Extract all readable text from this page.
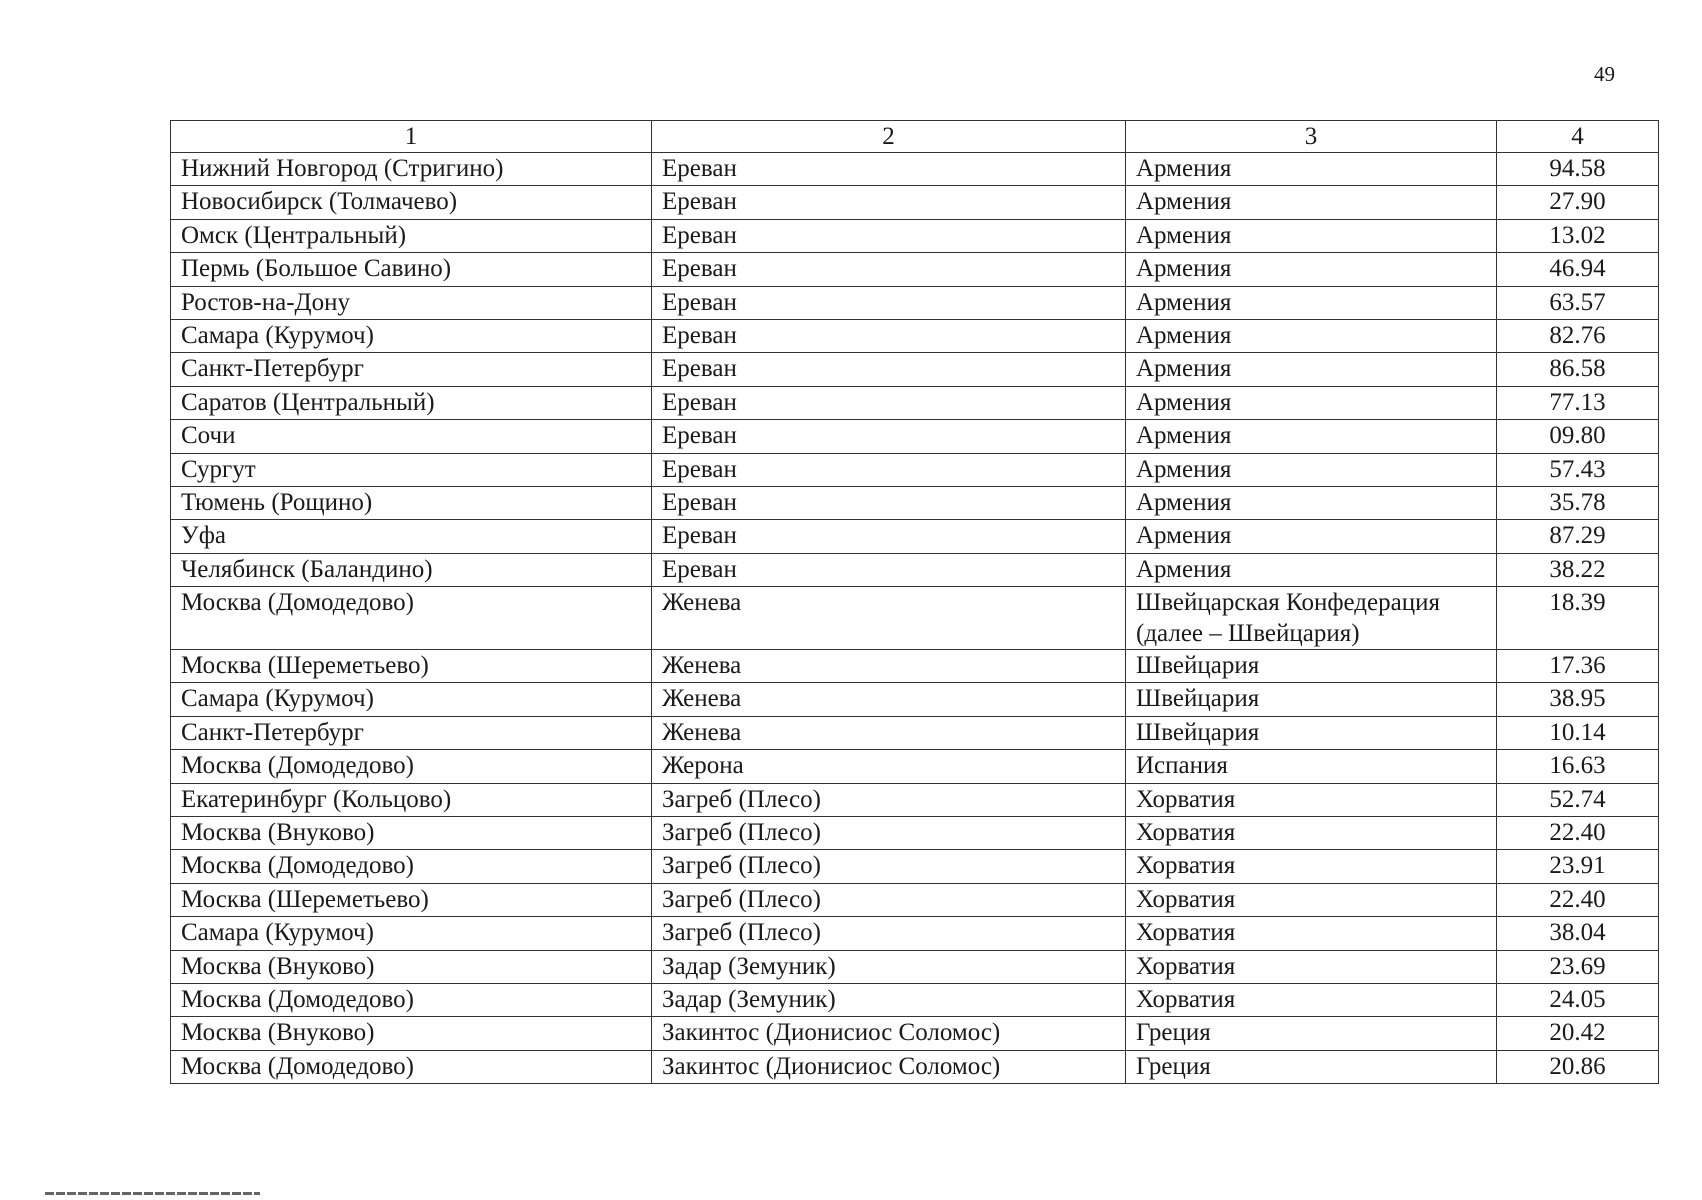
49
1	2	3	4
Нижний Новгород (Стригино)	Ереван	Армения	94.58
Новосибирск (Толмачево)	Ереван	Армения	27.90
Омск (Центральный)	Ереван	Армения	13.02
Пермь (Большое Савино)	Ереван	Армения	46.94
Ростов-на-Дону	Ереван	Армения	63.57
Самара (Курумоч)	Ереван	Армения	82.76
Санкт-Петербург	Ереван	Армения	86.58
Саратов (Центральный)	Ереван	Армения	77.13
Сочи	Ереван	Армения	09.80
Сургут	Ереван	Армения	57.43
Тюмень (Рощино)	Ереван	Армения	35.78
Уфа	Ереван	Армения	87.29
Челябинск (Баландино)	Ереван	Армения	38.22
Москва (Домодедово)	Женева	Швейцарская Конфедерация (далее – Швейцария)	18.39
Москва (Шереметьево)	Женева	Швейцария	17.36
Самара (Курумоч)	Женева	Швейцария	38.95
Санкт-Петербург	Женева	Швейцария	10.14
Москва (Домодедово)	Жерона	Испания	16.63
Екатеринбург (Кольцово)	Загреб (Плесо)	Хорватия	52.74
Москва (Внуково)	Загреб (Плесо)	Хорватия	22.40
Москва (Домодедово)	Загреб (Плесо)	Хорватия	23.91
Москва (Шереметьево)	Загреб (Плесо)	Хорватия	22.40
Самара (Курумоч)	Загреб (Плесо)	Хорватия	38.04
Москва (Внуково)	Задар (Земуник)	Хорватия	23.69
Москва (Домодедово)	Задар (Земуник)	Хорватия	24.05
Москва (Внуково)	Закинтос (Дионисиос Соломос)	Греция	20.42
Москва (Домодедово)	Закинтос (Дионисиос Соломос)	Греция	20.86
